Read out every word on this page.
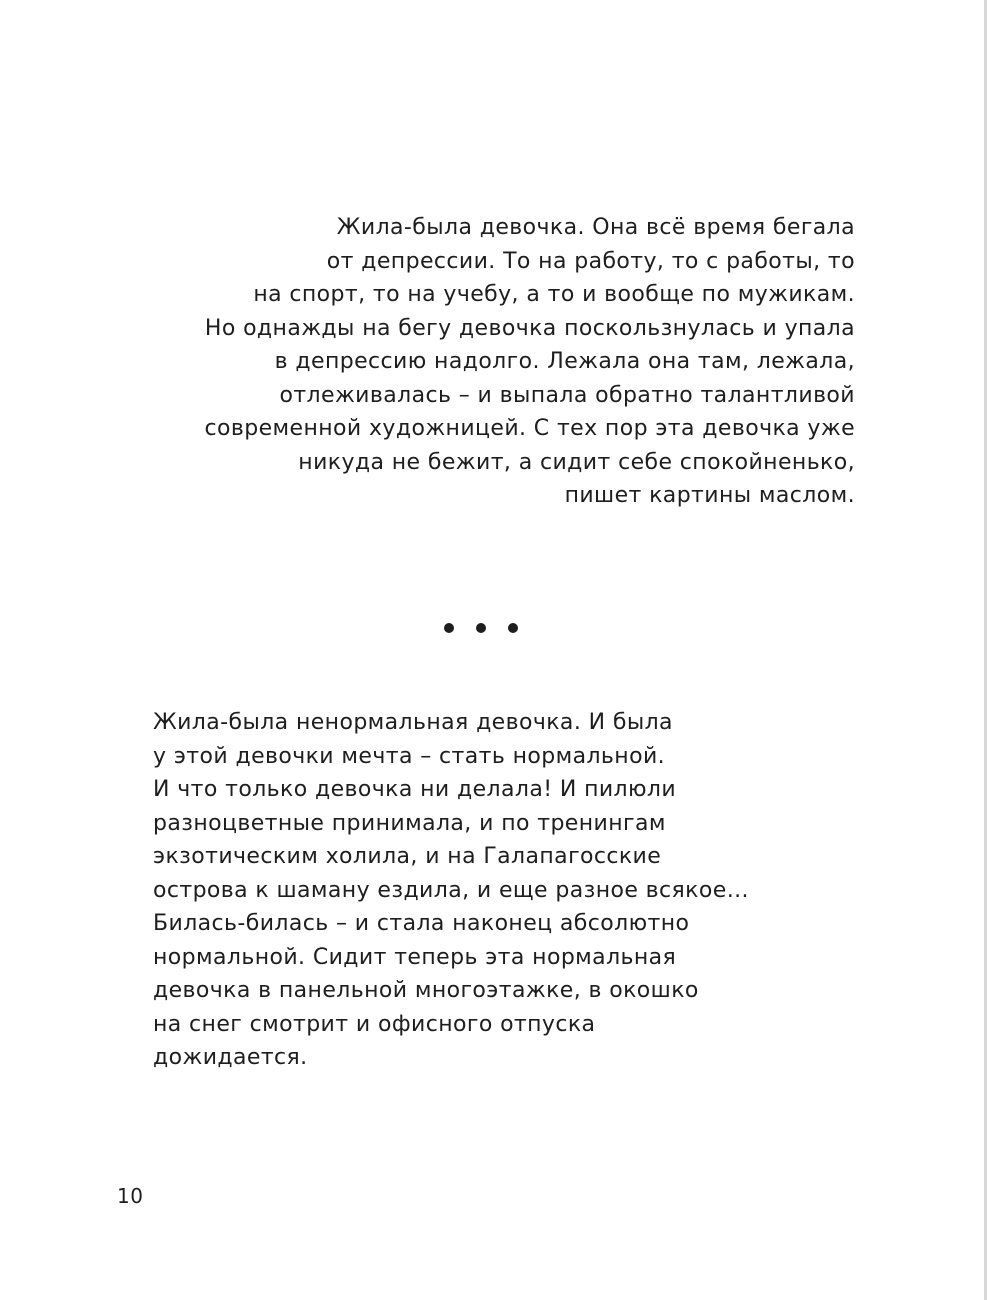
Жила-была девочка. Она всё время бегала
от депрессии. То на работу, то с работы, то
на спорт, то на учебу, а то и вообще по мужикам.
Но однажды на бегу девочка поскользнулась и упала
в депрессию надолго. Лежала она там, лежала,
отлеживалась – и выпала обратно талантливой
современной художницей. С тех пор эта девочка уже
никуда не бежит, а сидит себе спокойненько,
пишет картины маслом.
Жила-была ненормальная девочка. И была
у этой девочки мечта – стать нормальной.
И что только девочка ни делала! И пилюли
разноцветные принимала, и по тренингам
экзотическим холила, и на Галапагосские
острова к шаману ездила, и еще разное всякое…
Билась-билась – и стала наконец абсолютно
нормальной. Сидит теперь эта нормальная
девочка в панельной многоэтажке, в окошко
на снег смотрит и офисного отпуска
дожидается.
10
